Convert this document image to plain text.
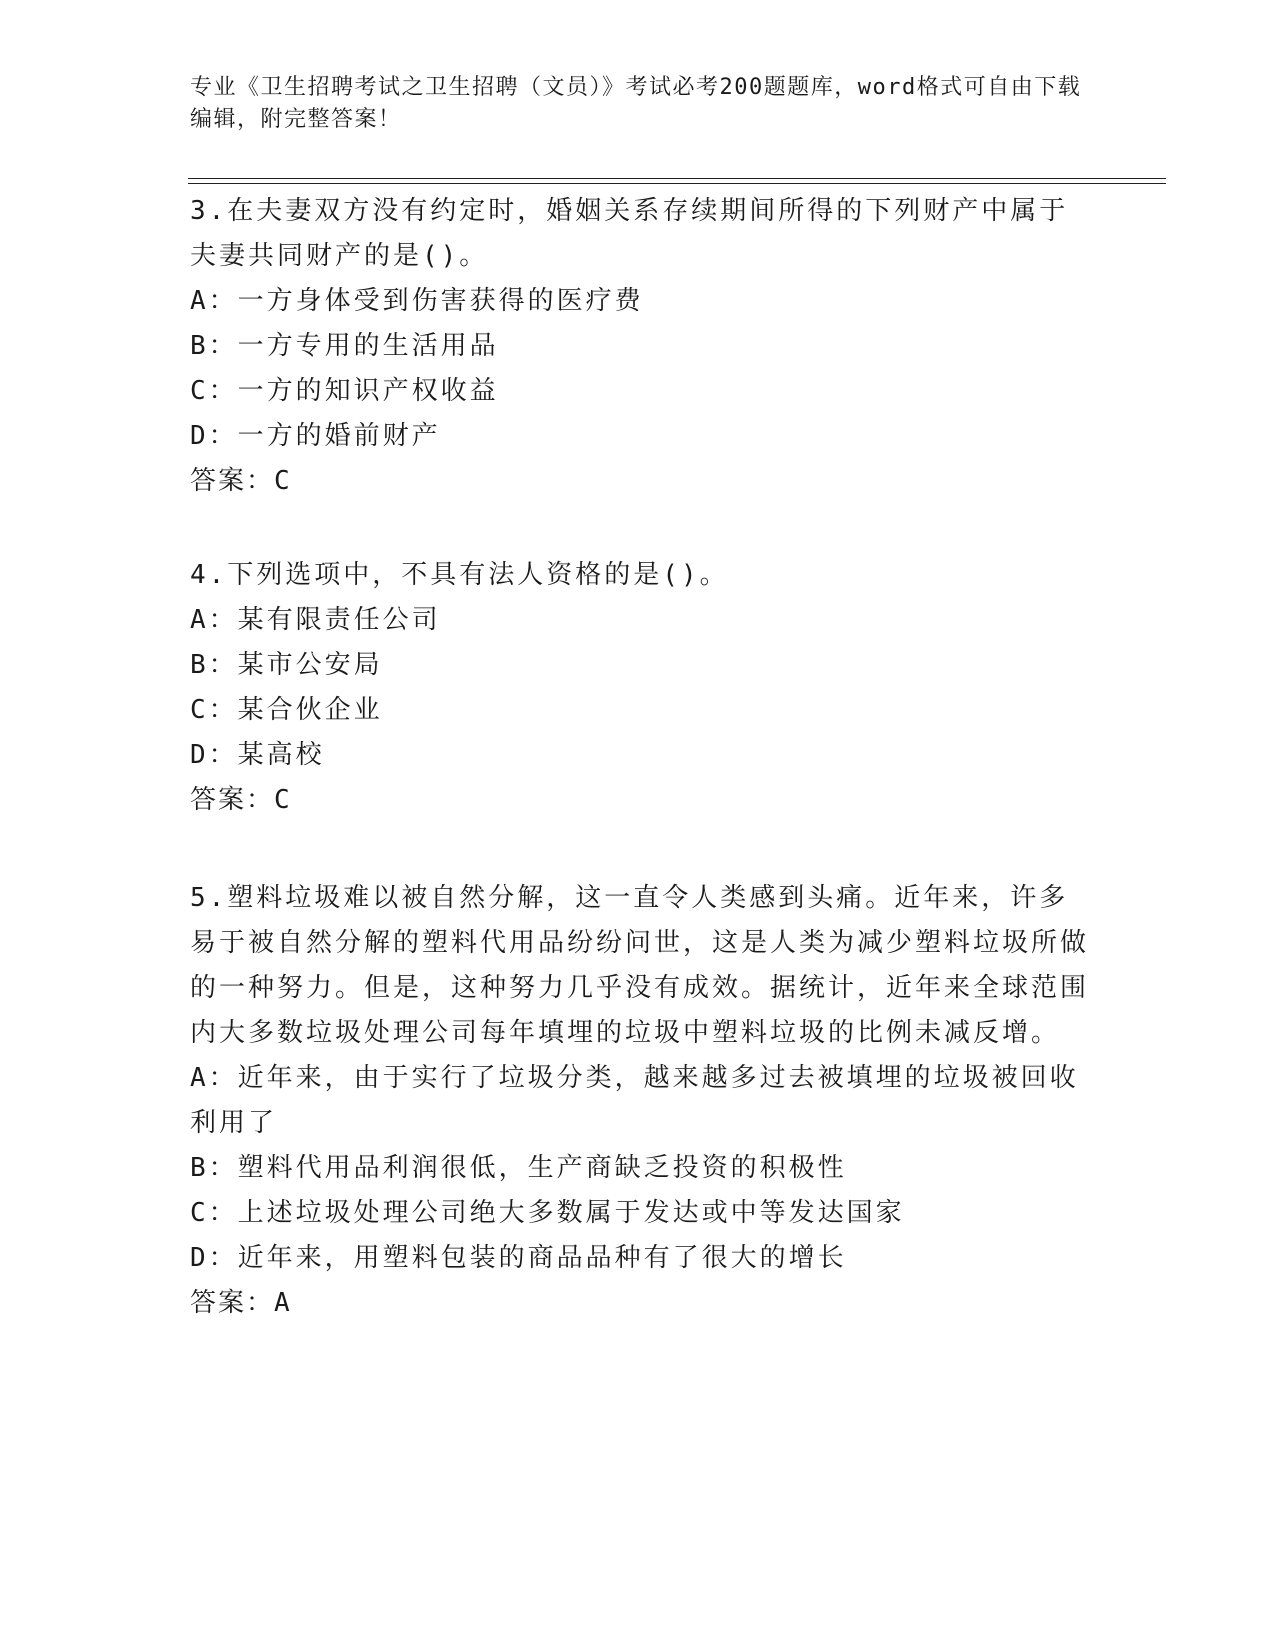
专业《卫生招聘考试之卫生招聘（文员）》考试必考200题题库，word格式可自由下载编辑，附完整答案！

3.在夫妻双方没有约定时，婚姻关系存续期间所得的下列财产中属于夫妻共同财产的是()。

A：一方身体受到伤害获得的医疗费

B：一方专用的生活用品

C：一方的知识产权收益

D：一方的婚前财产

答案：C

4.下列选项中，不具有法人资格的是()。

A：某有限责任公司

B：某市公安局

C：某合伙企业

D：某高校

答案：C

5.塑料垃圾难以被自然分解，这一直令人类感到头痛。近年来，许多易于被自然分解的塑料代用品纷纷问世，这是人类为减少塑料垃圾所做的一种努力。但是，这种努力几乎没有成效。据统计，近年来全球范围内大多数垃圾处理公司每年填埋的垃圾中塑料垃圾的比例未减反增。

A：近年来，由于实行了垃圾分类，越来越多过去被填埋的垃圾被回收利用了

B：塑料代用品利润很低，生产商缺乏投资的积极性

C：上述垃圾处理公司绝大多数属于发达或中等发达国家

D：近年来，用塑料包装的商品品种有了很大的增长

答案：A
